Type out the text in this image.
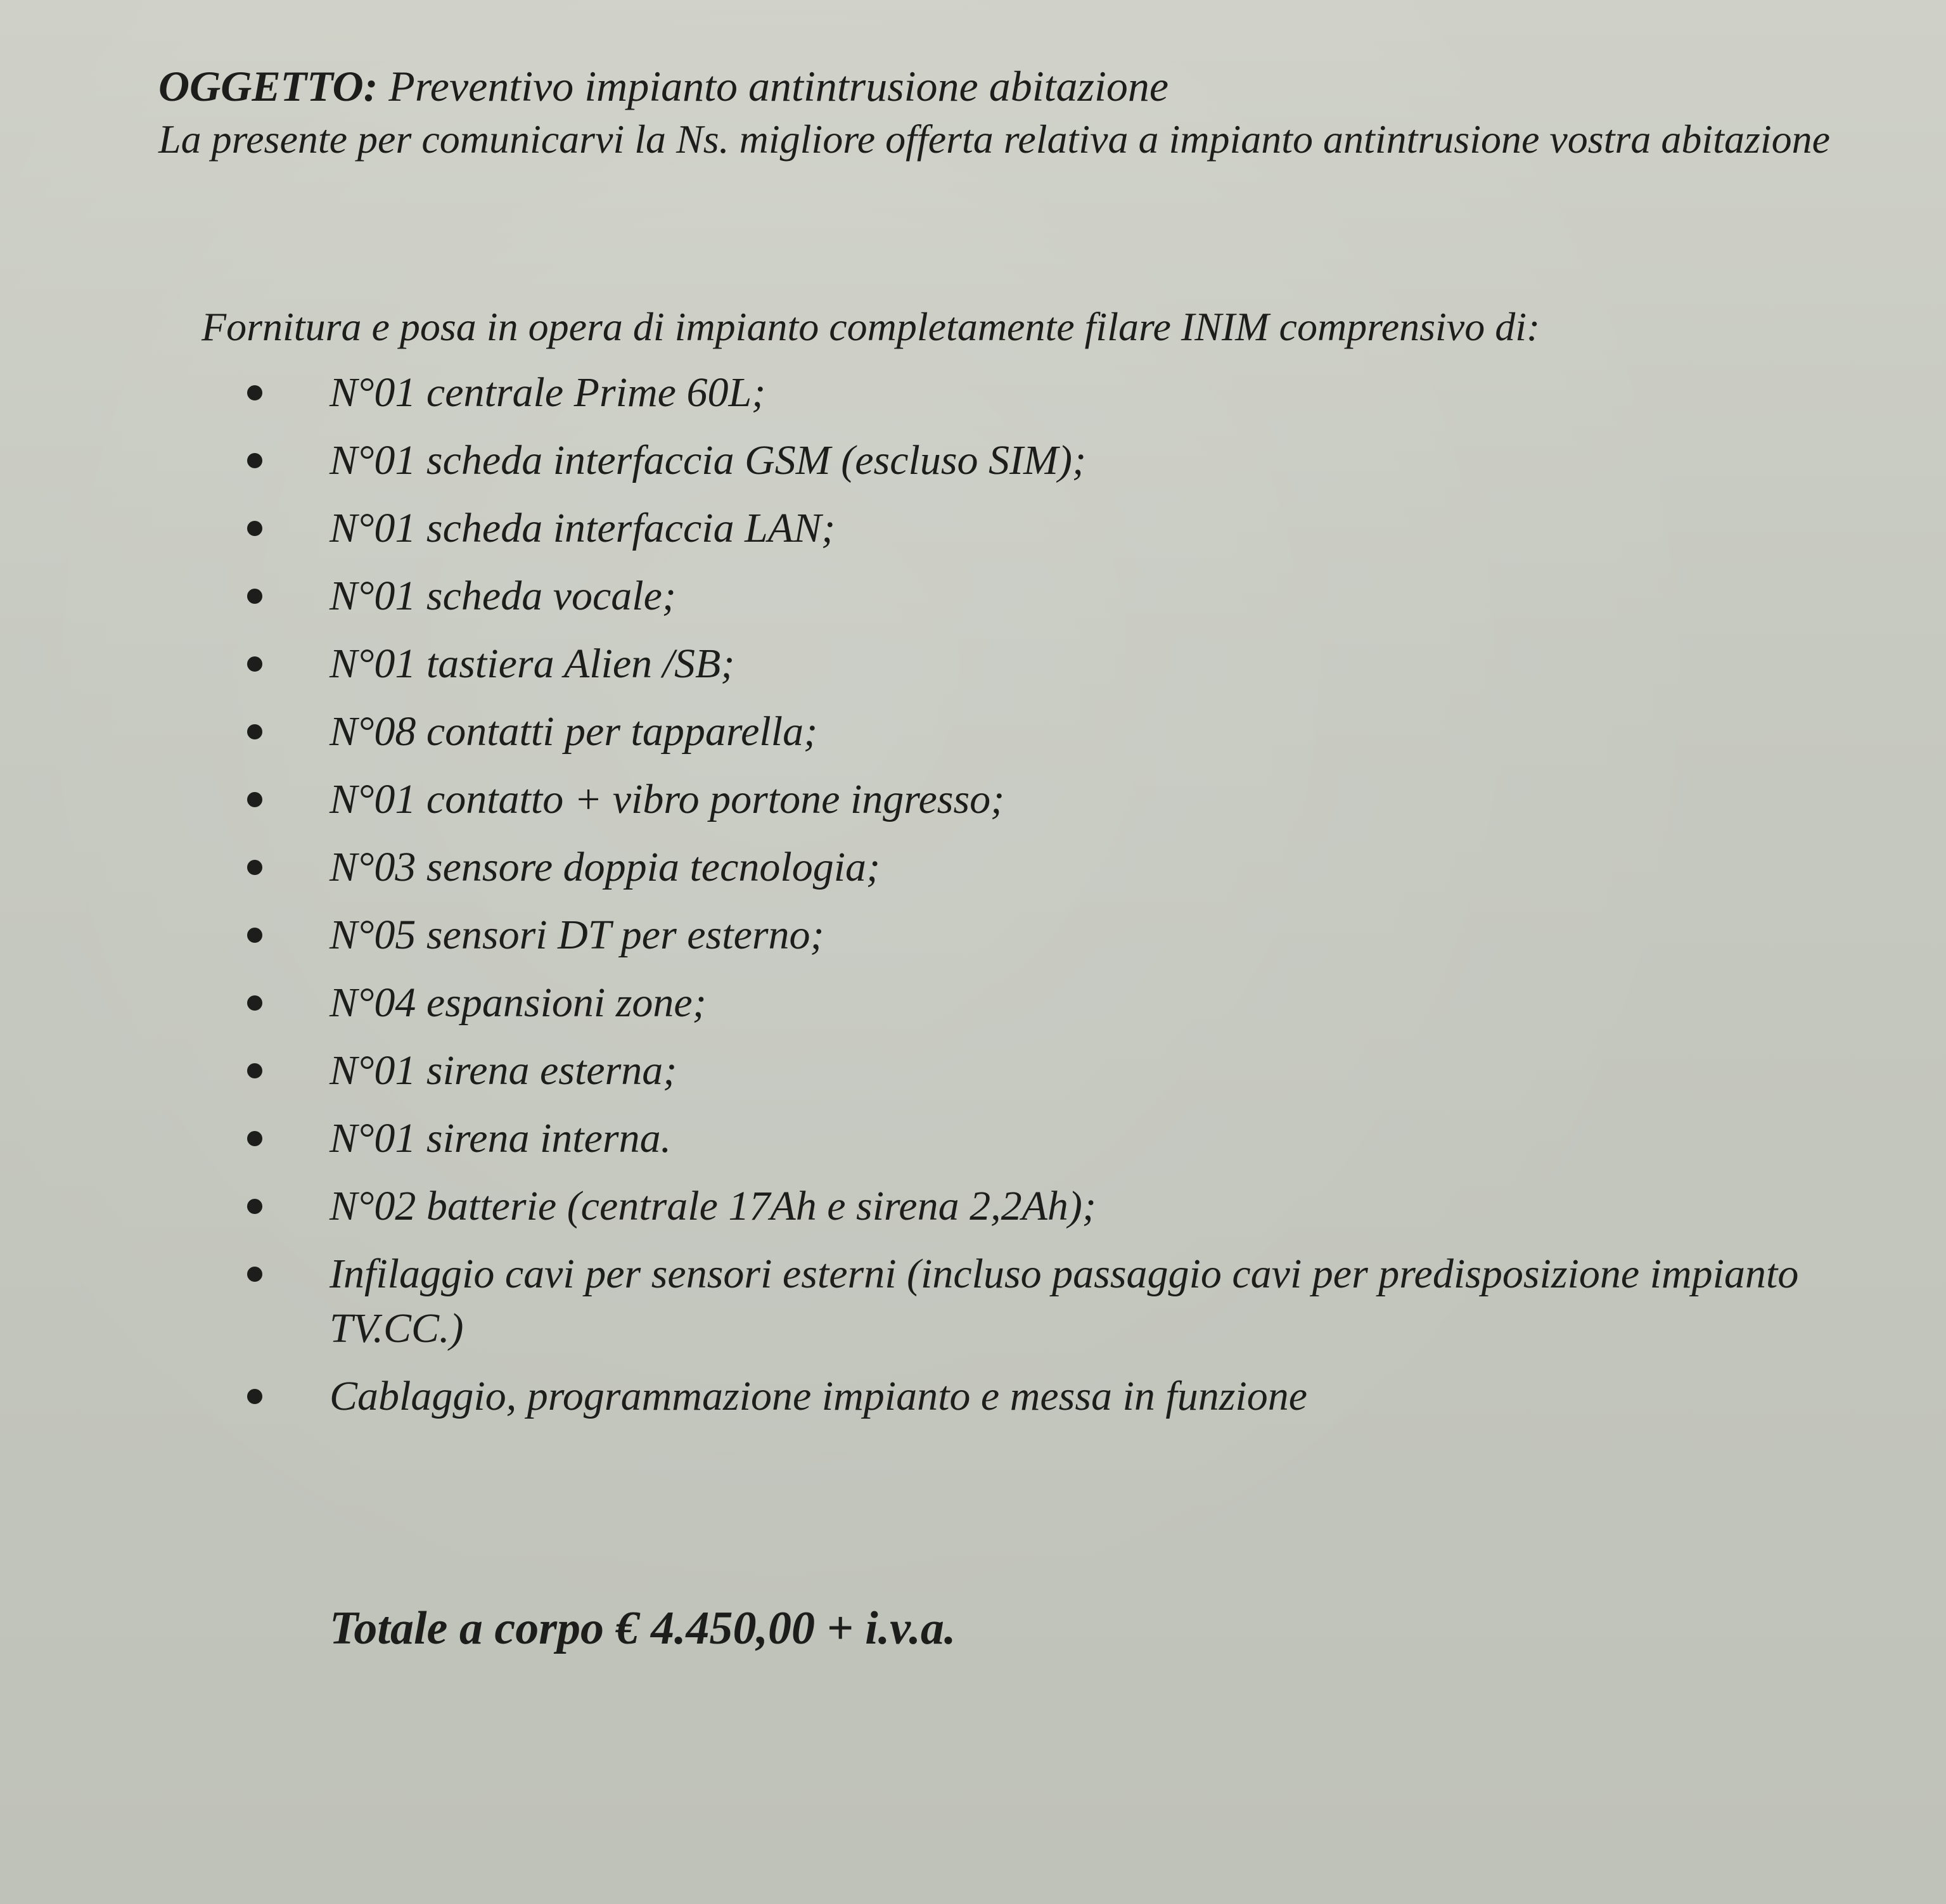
OGGETTO: Preventivo impianto antintrusione abitazione

La presente per comunicarvi la Ns. migliore offerta relativa a impianto antintrusione vostra abitazione

Fornitura e posa in opera di impianto completamente filare INIM comprensivo di:

N°01 centrale Prime 60L;
N°01 scheda interfaccia GSM (escluso SIM);
N°01 scheda interfaccia LAN;
N°01 scheda vocale;
N°01 tastiera Alien /SB;
N°08 contatti per tapparella;
N°01 contatto + vibro portone ingresso;
N°03 sensore doppia tecnologia;
N°05 sensori DT per esterno;
N°04 espansioni zone;
N°01 sirena esterna;
N°01 sirena interna.
N°02 batterie (centrale 17Ah e sirena 2,2Ah);
Infilaggio cavi per sensori esterni (incluso passaggio cavi per predisposizione impianto TV.CC.)
Cablaggio, programmazione impianto e messa in funzione

Totale a corpo € 4.450,00 + i.v.a.
